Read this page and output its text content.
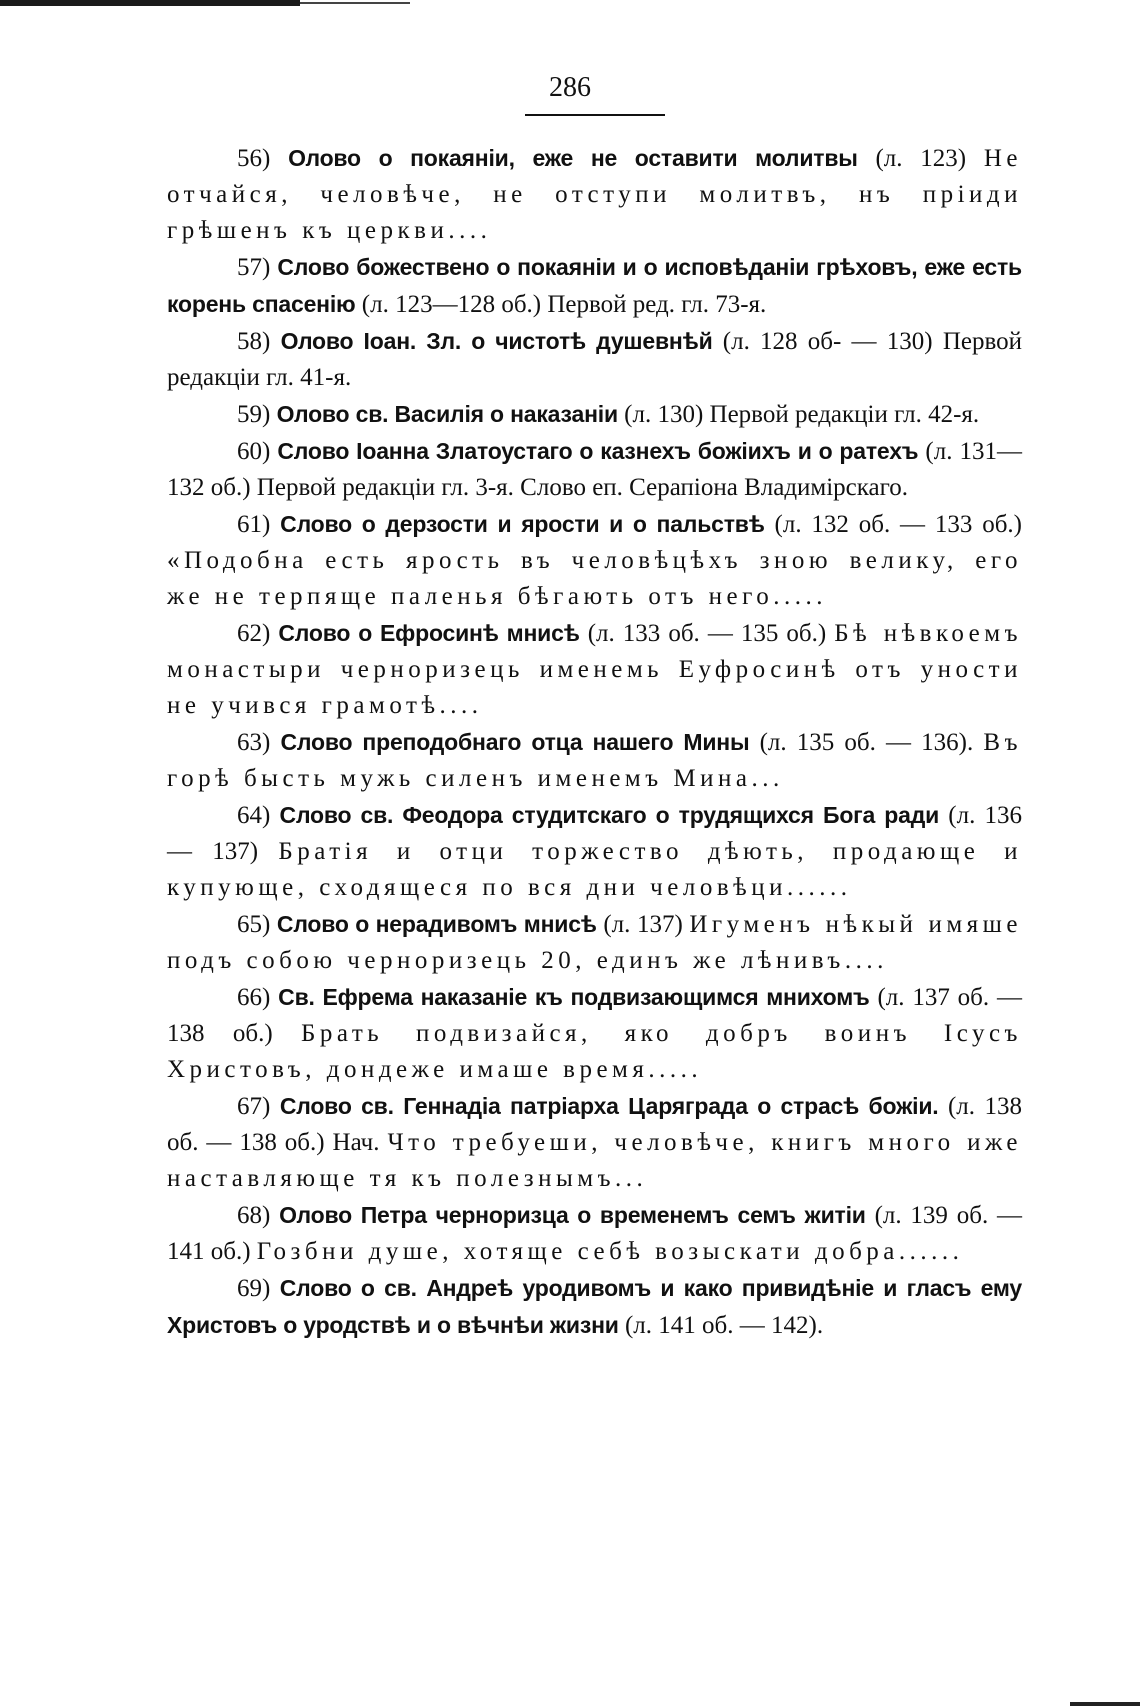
286

56) Олово о покаянiи, еже не оставити молитвы (л. 123) Не отчайся, человѣче, не отступи молитвъ, нъ прiиди грѣшенъ къ церкви....

57) Слово божествено о покаянiи и о исповѣданiи грѣховъ, еже есть корень спасенiю (л. 123—128 об.) Первой ред. гл. 73-я.

58) Олово Iоан. Зл. о чистотѣ душевнѣй (л. 128 об- — 130) Первой редакцiи гл. 41-я.

59) Олово св. Василiя о наказанiи (л. 130) Первой редакцiи гл. 42-я.

60) Слово Iоанна Златоустаго о казнехъ божiихъ и о ратехъ (л. 131—132 об.) Первой редакцiи гл. 3-я. Слово еп. Серапiона Владимiрскаго.

61) Слово о дерзости и ярости и о пальствѣ (л. 132 об. — 133 об.) «Подобна есть ярость въ человѣцѣхъ зною велику, его же не терпяще паленья бѣгають отъ него.....

62) Слово о Ефросинѣ мнисѣ (л. 133 об. — 135 об.) Бѣ нѣвкоемъ монастыри черноризець именемь Еуфросинѣ отъ уности не учився грамотѣ....

63) Слово преподобнаго отца нашего Мины (л. 135 об. — 136). Въ горѣ бысть мужь силенъ именемъ Мина...

64) Слово св. Феодора студитскаго о трудящихся Бога ради (л. 136 — 137) Братiя и отци торжество дѣють, продающе и купующе, сходящеся по вся дни человѣци......

65) Слово о нерадивомъ мнисѣ (л. 137) Игуменъ нѣкый имяше подъ собою черноризець 20, единъ же лѣнивъ....

66) Св. Ефрема наказанiе къ подвизающимся мнихомъ (л. 137 об. — 138 об.) Брать подвизайся, яко добръ воинъ Iсусъ Христовъ, дондеже имаше время.....

67) Слово св. Геннадiа патрiарха Царяграда о страсѣ божiи. (л. 138 об. — 138 об.) Нач. Что требуеши, человѣче, книгъ много иже наставляюще тя къ полезнымъ...

68) Олово Петра черноризца о временемъ семъ житiи (л. 139 об. — 141 об.) Гозбни душе, хотяще себѣ возыскати добра......

69) Слово о св. Андреѣ уродивомъ и како привидѣнiе и гласъ ему Христовъ о уродствѣ и о вѣчнѣи жизни (л. 141 об. — 142).
